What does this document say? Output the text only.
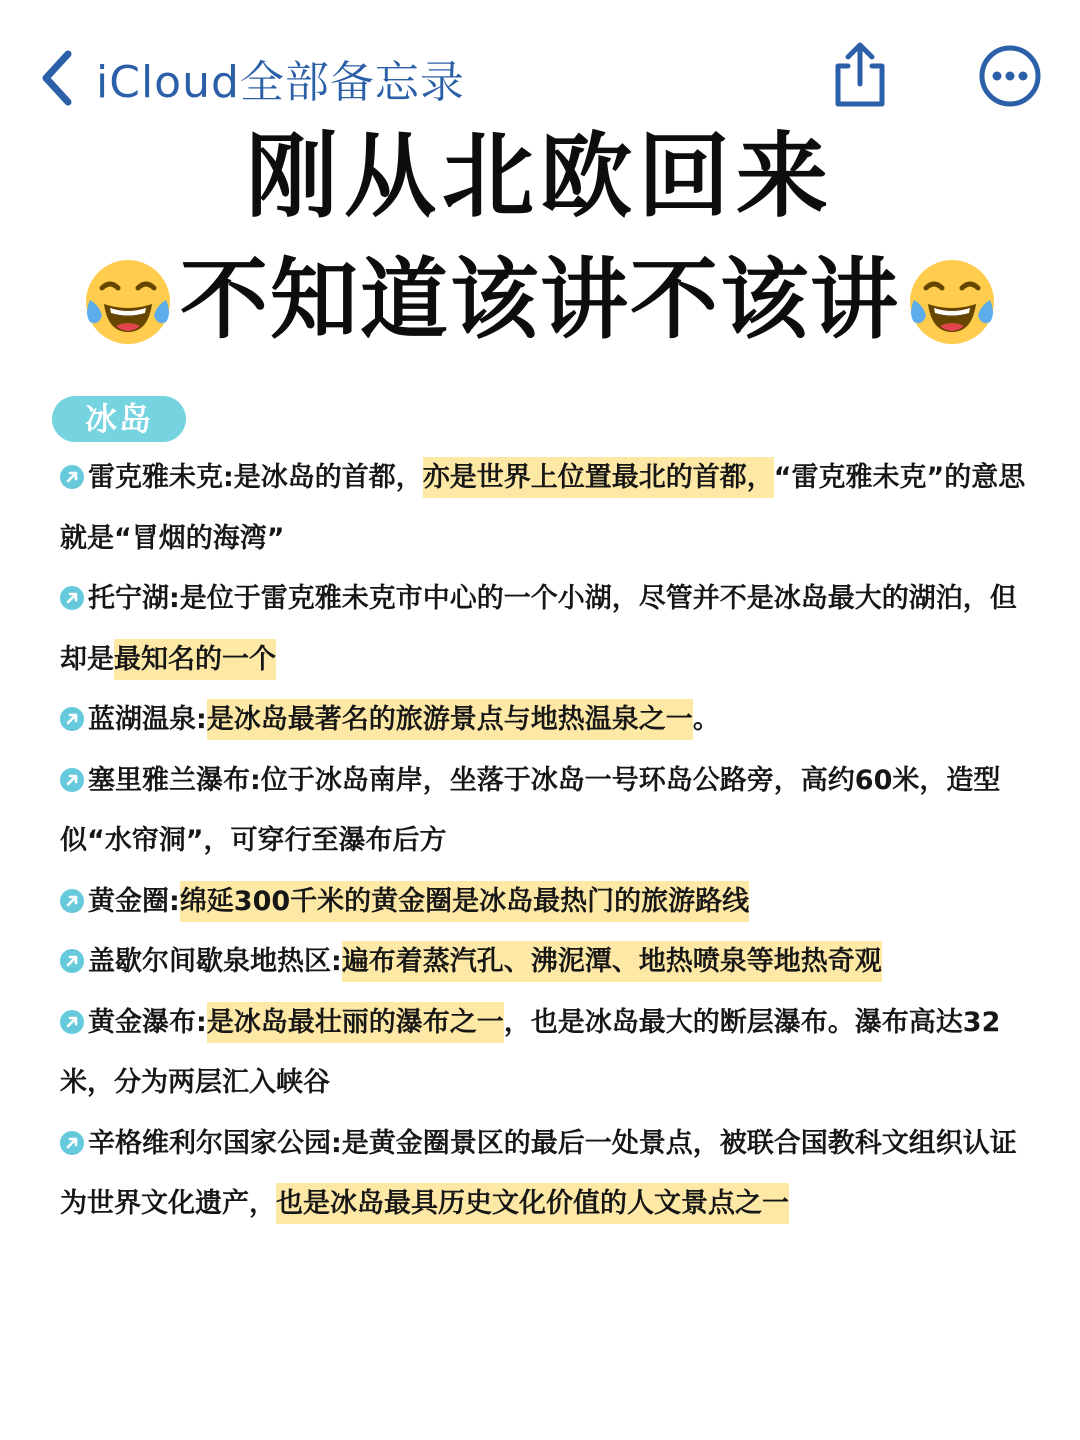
iCloud全部备忘录
刚从北欧回来
不知道该讲不该讲
冰岛

雷克雅未克:是冰岛的首都，亦是世界上位置最北的首都，“雷克雅未克”的意思就是“冒烟的海湾”

托宁湖:是位于雷克雅未克市中心的一个小湖，尽管并不是冰岛最大的湖泊，但却是最知名的一个

蓝湖温泉:是冰岛最著名的旅游景点与地热温泉之一。

塞里雅兰瀑布:位于冰岛南岸，坐落于冰岛一号环岛公路旁，高约60米，造型似“水帘洞”，可穿行至瀑布后方

黄金圈:绵延300千米的黄金圈是冰岛最热门的旅游路线

盖歇尔间歇泉地热区:遍布着蒸汽孔、沸泥潭、地热喷泉等地热奇观

黄金瀑布:是冰岛最壮丽的瀑布之一，也是冰岛最大的断层瀑布。瀑布高达32米，分为两层汇入峡谷

辛格维利尔国家公园:是黄金圈景区的最后一处景点，被联合国教科文组织认证为世界文化遗产，也是冰岛最具历史文化价值的人文景点之一
